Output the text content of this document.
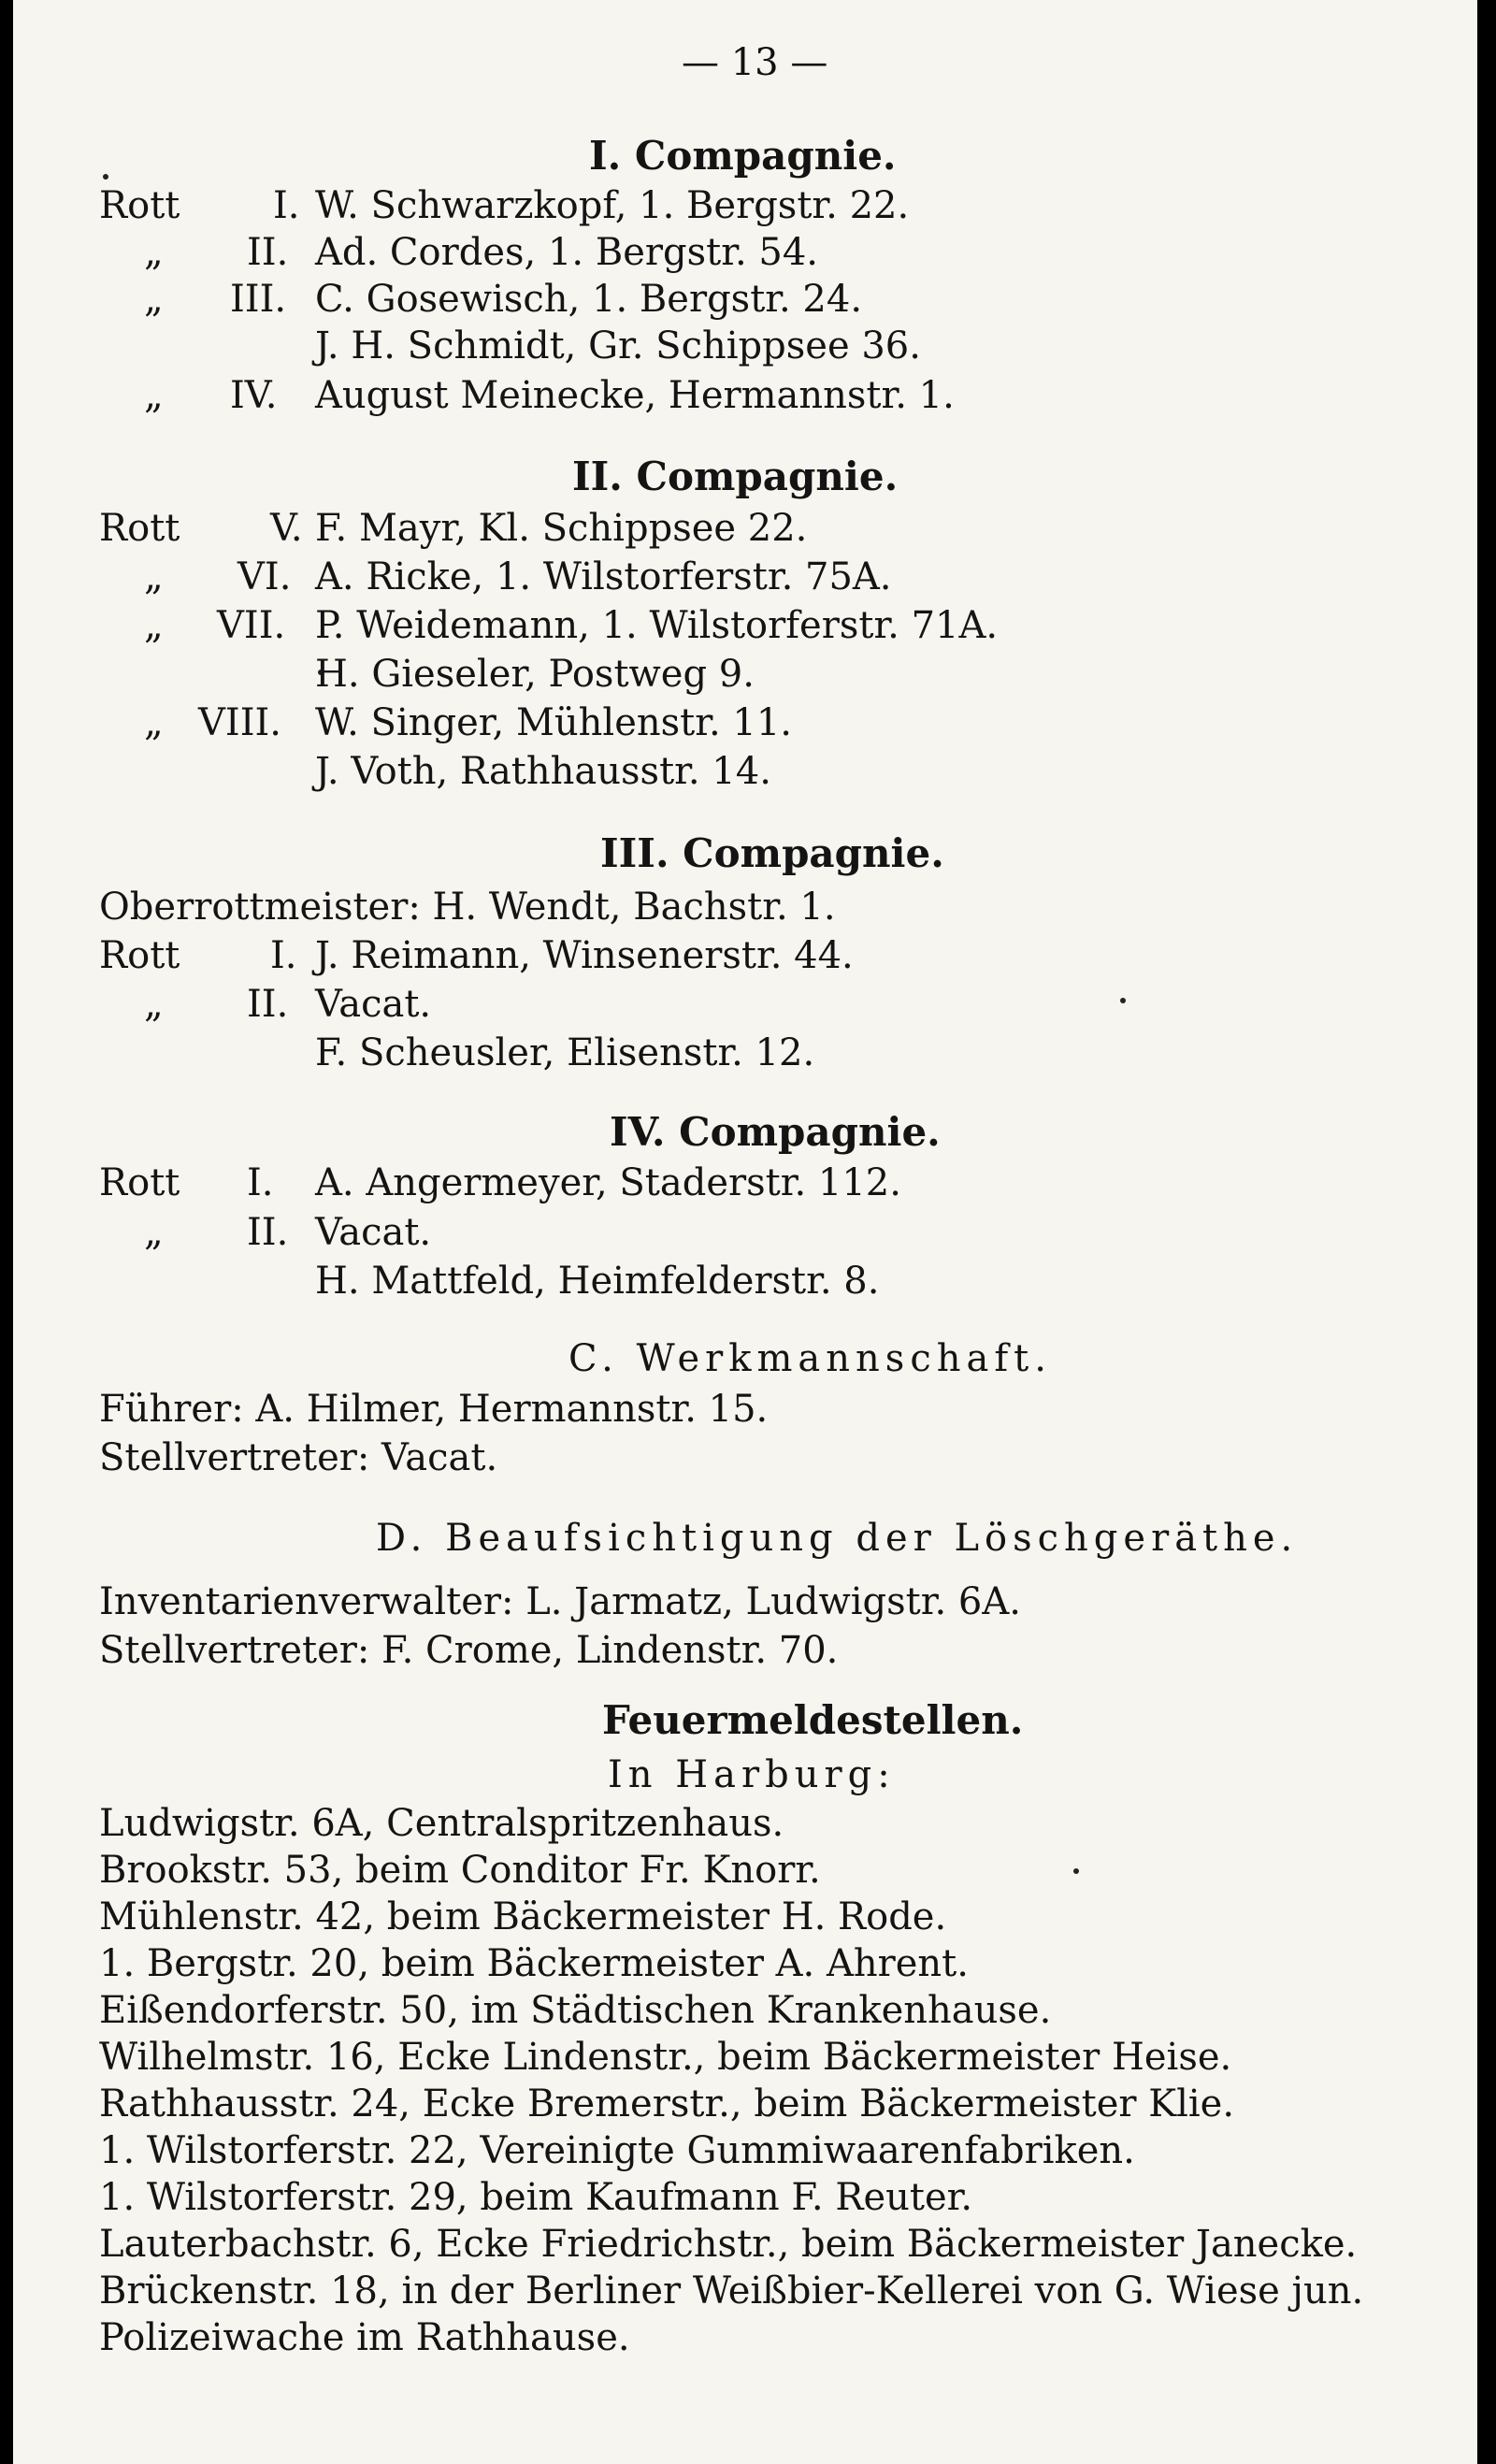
— 13 —
I. Compagnie.
Rott I. W. Schwarzkopf, 1. Bergstr. 22.
„ II. Ad. Cordes, 1. Bergstr. 54.
„ III. C. Gosewisch, 1. Bergstr. 24.
J. H. Schmidt, Gr. Schippsee 36.
„ IV. August Meinecke, Hermannstr. 1.
II. Compagnie.
Rott V. F. Mayr, Kl. Schippsee 22.
„ VI. A. Ricke, 1. Wilstorferstr. 75A.
„ VII. P. Weidemann, 1. Wilstorferstr. 71A.
H. Gieseler, Postweg 9.
„ VIII. W. Singer, Mühlenstr. 11.
J. Voth, Rathhausstr. 14.
III. Compagnie.
Oberrottmeister: H. Wendt, Bachstr. 1.
Rott I. J. Reimann, Winsenerstr. 44.
„ II. Vacat.
F. Scheusler, Elisenstr. 12.
IV. Compagnie.
Rott I. A. Angermeyer, Staderstr. 112.
„ II. Vacat.
H. Mattfeld, Heimfelderstr. 8.
C. Werkmannschaft.
Führer: A. Hilmer, Hermannstr. 15.
Stellvertreter: Vacat.
D. Beaufsichtigung der Löschgeräthe.
Inventarienverwalter: L. Jarmatz, Ludwigstr. 6A.
Stellvertreter: F. Crome, Lindenstr. 70.
Feuermeldestellen.
In Harburg:
Ludwigstr. 6A, Centralspritzenhaus.
Brookstr. 53, beim Conditor Fr. Knorr.
Mühlenstr. 42, beim Bäckermeister H. Rode.
1. Bergstr. 20, beim Bäckermeister A. Ahrent.
Eißendorferstr. 50, im Städtischen Krankenhause.
Wilhelmstr. 16, Ecke Lindenstr., beim Bäckermeister Heise.
Rathhausstr. 24, Ecke Bremerstr., beim Bäckermeister Klie.
1. Wilstorferstr. 22, Vereinigte Gummiwaarenfabriken.
1. Wilstorferstr. 29, beim Kaufmann F. Reuter.
Lauterbachstr. 6, Ecke Friedrichstr., beim Bäckermeister Janecke.
Brückenstr. 18, in der Berliner Weißbier-Kellerei von G. Wiese jun.
Polizeiwache im Rathhause.
